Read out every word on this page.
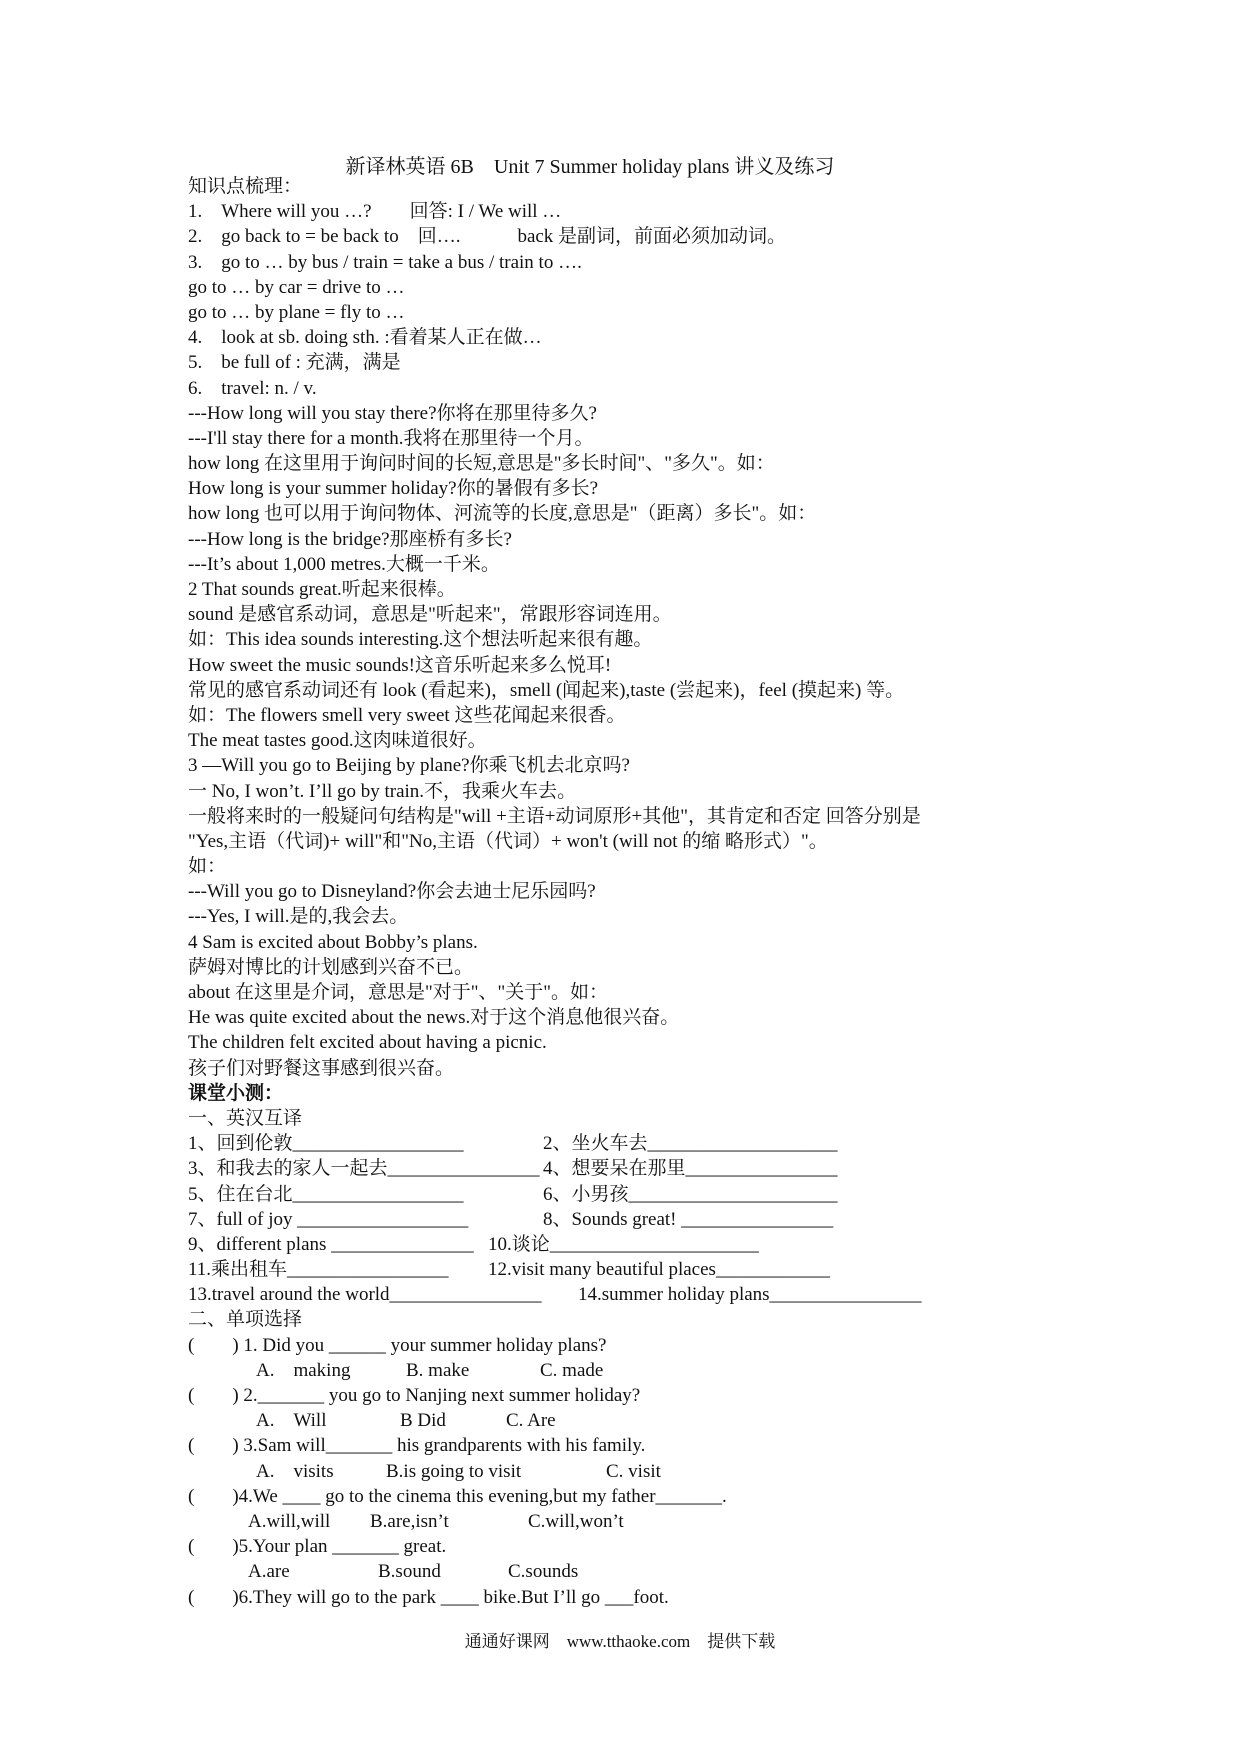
新译林英语 6B　Unit 7 Summer holiday plans 讲义及练习
知识点梳理：
1.　Where will you …?　　回答: I / We will …
2.　go back to = be back to　回….　　　back 是副词，前面必须加动词。
3.　go to … by bus / train = take a bus / train to ….
go to … by car = drive to …
go to … by plane = fly to …
4.　look at sb. doing sth. :看着某人正在做…
5.　be full of : 充满，满是
6.　travel: n. / v.
---How long will you stay there?你将在那里待多久?
---I'll stay there for a month.我将在那里待一个月。
how long 在这里用于询问时间的长短,意思是"多长时间"、"多久"。如：
How long is your summer holiday?你的暑假有多长?
how long 也可以用于询问物体、河流等的长度,意思是"（距离）多长"。如：
---How long is the bridge?那座桥有多长?
---It’s about 1,000 metres.大概一千米。
2 That sounds great.听起来很棒。
sound 是感官系动词，意思是"听起来"，常跟形容词连用。
如：This idea sounds interesting.这个想法听起来很有趣。
How sweet the music sounds!这音乐听起来多么悦耳!
常见的感官系动词还有 look (看起来)，smell (闻起来),taste (尝起来)，feel (摸起来) 等。
如：The flowers smell very sweet 这些花闻起来很香。
The meat tastes good.这肉味道很好。
3 —Will you go to Beijing by plane?你乘飞机去北京吗?
一 No, I won’t. I’ll go by train.不，我乘火车去。
一般将来时的一般疑问句结构是"will +主语+动词原形+其他"，其肯定和否定 回答分别是
"Yes,主语（代词)+ will"和"No,主语（代词）+ won't (will not 的缩 略形式）"。
如：
---Will you go to Disneyland?你会去迪士尼乐园吗?
---Yes, I will.是的,我会去。
4 Sam is excited about Bobby’s plans.
萨姆对博比的计划感到兴奋不已。
about 在这里是介词，意思是"对于"、"关于"。如：
He was quite excited about the news.对于这个消息他很兴奋。
The children felt excited about having a picnic.
孩子们对野餐这事感到很兴奋。
课堂小测：
一、英汉互译
1、回到伦敦__________________	2、坐火车去____________________
3、和我去的家人一起去________________ 4、想要呆在那里________________
5、住在台北__________________	6、小男孩______________________
7、full of joy __________________	8、Sounds great! ________________
9、different plans _______________ 10.谈论______________________
11.乘出租车_________________ 12.visit many beautiful places____________
13.travel around the world________________ 14.summer holiday plans________________
二、单项选择
(　　) 1. Did you ______ your summer holiday plans?
A.　making	B. make	C. made
(　　) 2._______ you go to Nanjing next summer holiday?
A.　Will	B Did	C. Are
(　　) 3.Sam will_______ his grandparents with his family.
A.　visits	B.is going to visit	C. visit
(　　)4.We ____ go to the cinema this evening,but my father_______.
A.will,will B.are,isn’t	C.will,won’t
(　　)5.Your plan _______ great.
A.are	B.sound	C.sounds
(　　)6.They will go to the park ____ bike.But I’ll go ___foot.
通通好课网　www.tthaoke.com　提供下载
